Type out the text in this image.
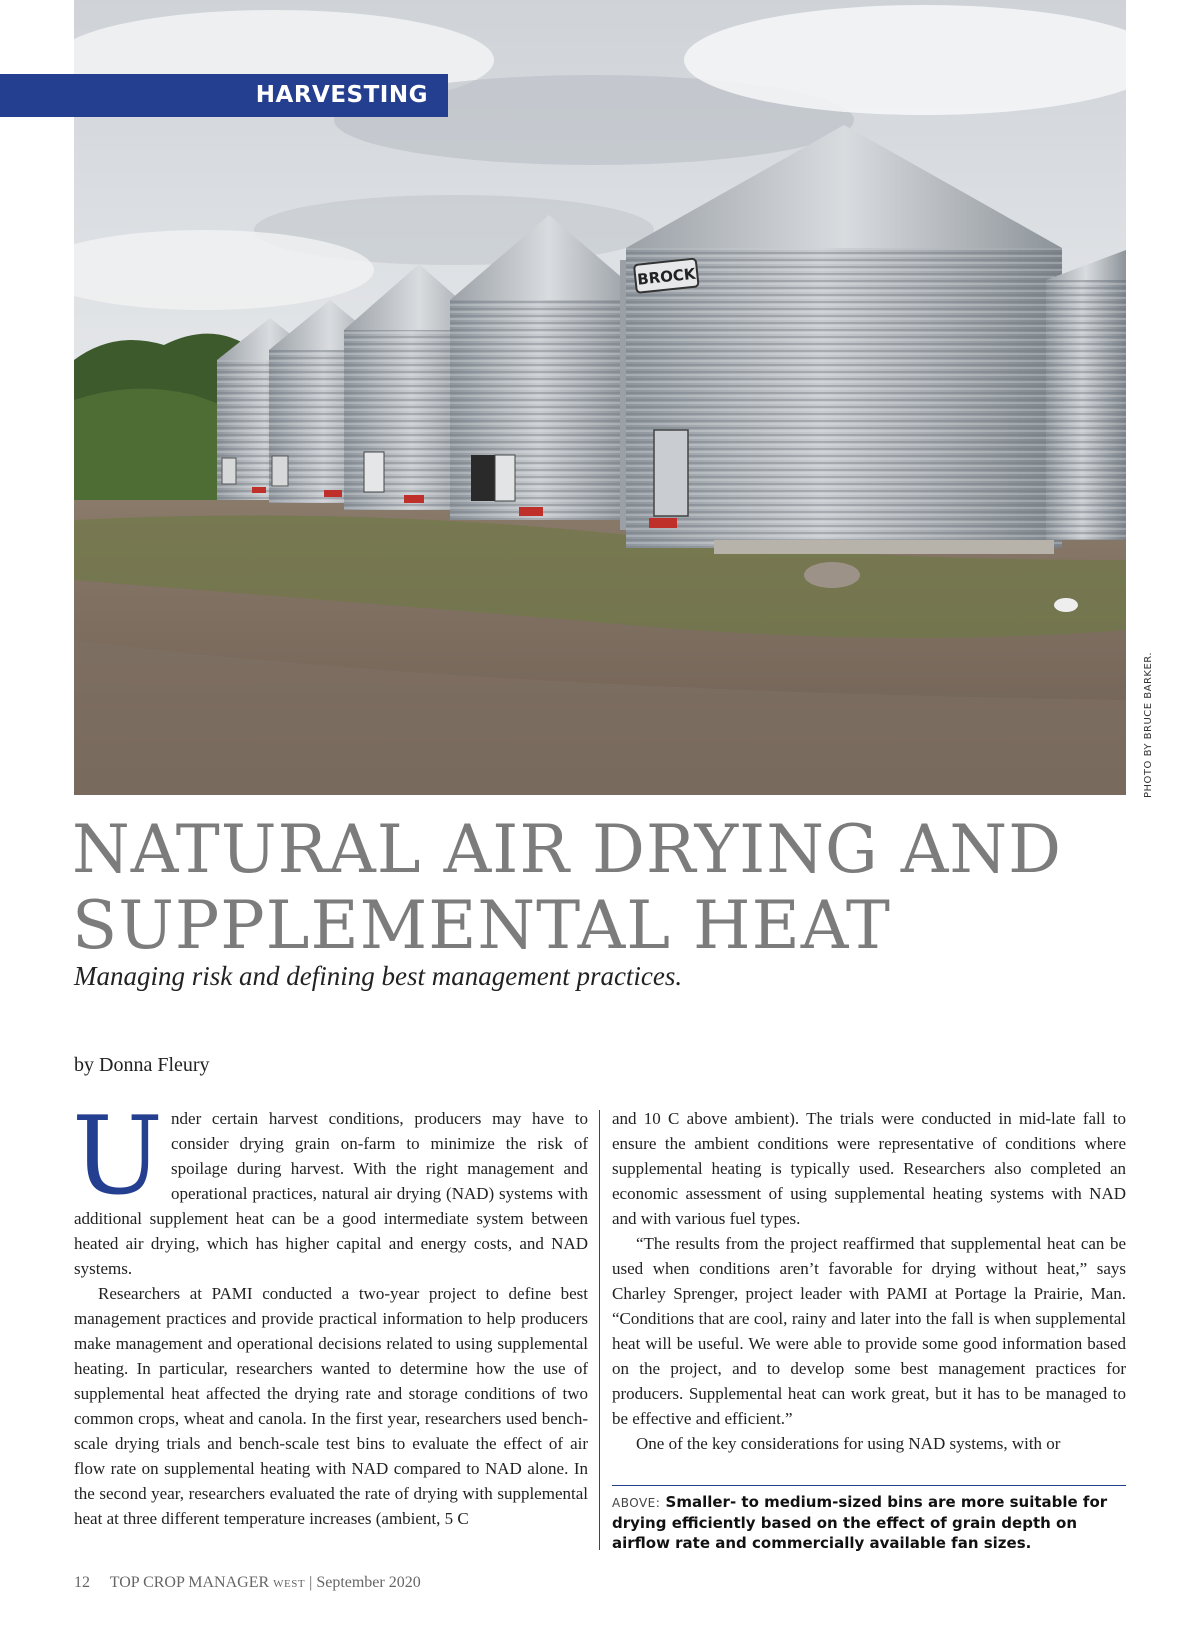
BROCK
HARVESTING
PHOTO BY BRUCE BARKER.
NATURAL AIR DRYING AND
SUPPLEMENTAL HEAT

Managing risk and defining best management practices.

by Donna Fleury

Under certain harvest conditions, producers may have to consider drying grain on-farm to minimize the risk of spoilage during harvest. With the right management and operational practices, natural air drying (NAD) systems with additional supplement heat can be a good intermediate system between heated air drying, which has higher capital and energy costs, and NAD systems.

Researchers at PAMI conducted a two-year project to define best management practices and provide practical information to help producers make management and operational decisions related to using supplemental heating. In particular, researchers wanted to determine how the use of supplemental heat affected the drying rate and storage conditions of two common crops, wheat and canola. In the first year, researchers used bench-scale drying trials and bench-scale test bins to evaluate the effect of air flow rate on supplemental heating with NAD compared to NAD alone. In the second year, researchers evaluated the rate of drying with supplemental heat at three different temperature increases (ambient, 5 C

and 10 C above ambient). The trials were conducted in mid-late fall to ensure the ambient conditions were representative of conditions where supplemental heating is typically used. Researchers also completed an economic assessment of using supplemental heating systems with NAD and with various fuel types.

“The results from the project reaffirmed that supplemental heat can be used when conditions aren’t favorable for drying without heat,” says Charley Sprenger, project leader with PAMI at Portage la Prairie, Man. “Conditions that are cool, rainy and later into the fall is when supplemental heat will be useful. We were able to provide some good information based on the project, and to develop some best management practices for producers. Supplemental heat can work great, but it has to be managed to be effective and efficient.”

One of the key considerations for using NAD systems, with or

ABOVE: Smaller- to medium-sized bins are more suitable for drying efficiently based on the effect of grain depth on airflow rate and commercially available fan sizes.
12 TOP CROP MANAGER WEST | September 2020
